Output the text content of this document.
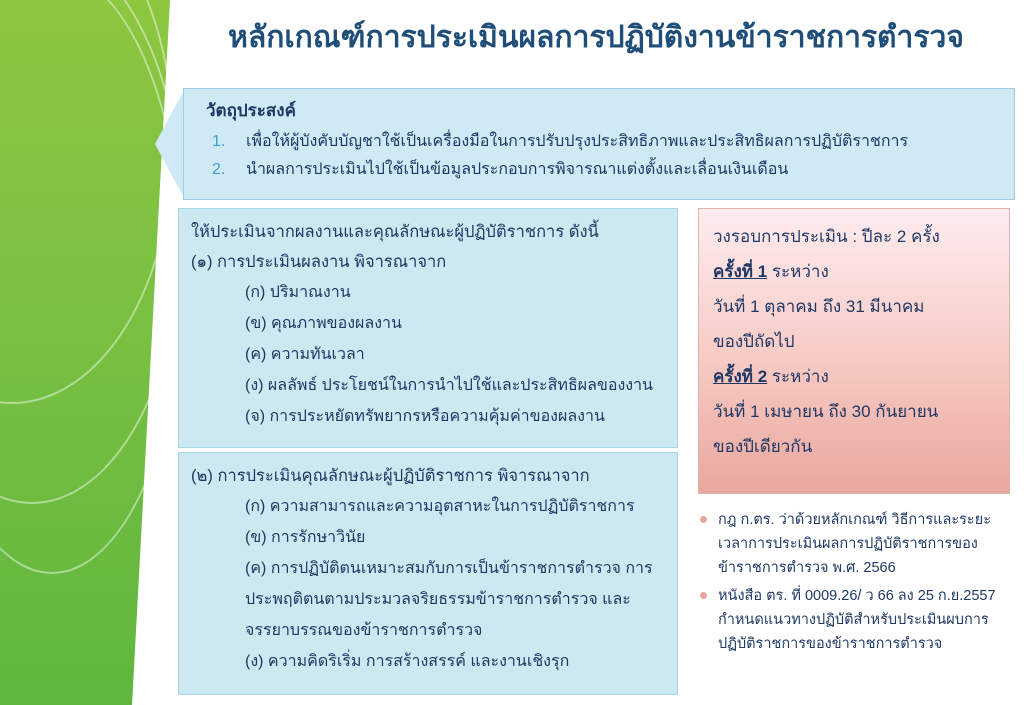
หลักเกณฑ์การประเมินผลการปฏิบัติงานข้าราชการตำรวจ
วัตถุประสงค์
1.	เพื่อให้ผู้บังคับบัญชาใช้เป็นเครื่องมือในการปรับปรุงประสิทธิภาพและประสิทธิผลการปฏิบัติราชการ
2.	นำผลการประเมินไปใช้เป็นข้อมูลประกอบการพิจารณาแต่งตั้งและเลื่อนเงินเดือน
ให้ประเมินจากผลงานและคุณลักษณะผู้ปฏิบัติราชการ ดังนี้
(๑) การประเมินผลงาน พิจารณาจาก
(ก) ปริมาณงาน
(ข) คุณภาพของผลงาน
(ค) ความทันเวลา
(ง) ผลลัพธ์ ประโยชน์ในการนำไปใช้และประสิทธิผลของงาน
(จ) การประหยัดทรัพยากรหรือความคุ้มค่าของผลงาน
(๒) การประเมินคุณลักษณะผู้ปฏิบัติราชการ พิจารณาจาก
(ก) ความสามารถและความอุตสาหะในการปฏิบัติราชการ
(ข) การรักษาวินัย
(ค) การปฏิบัติตนเหมาะสมกับการเป็นข้าราชการตำรวจ การ
ประพฤติตนตามประมวลจริยธรรมข้าราชการตำรวจ และ
จรรยาบรรณของข้าราชการตำรวจ
(ง) ความคิดริเริ่ม การสร้างสรรค์ และงานเชิงรุก
วงรอบการประเมิน : ปีละ 2 ครั้ง
ครั้งที่ 1 ระหว่าง
วันที่ 1 ตุลาคม ถึง 31 มีนาคม
ของปีถัดไป
ครั้งที่ 2 ระหว่าง
วันที่ 1 เมษายน ถึง 30 กันยายน
ของปีเดียวกัน
กฎ ก.ตร. ว่าด้วยหลักเกณฑ์ วิธีการและระยะเวลาการประเมินผลการปฏิบัติราชการของข้าราชการตำรวจ พ.ศ. 2566
หนังสือ ตร. ที่ 0009.26/ ว 66 ลง 25 ก.ย.2557 กำหนดแนวทางปฏิบัติสำหรับประเมินผบการปฏิบัติราชการของข้าราชการตำรวจ
